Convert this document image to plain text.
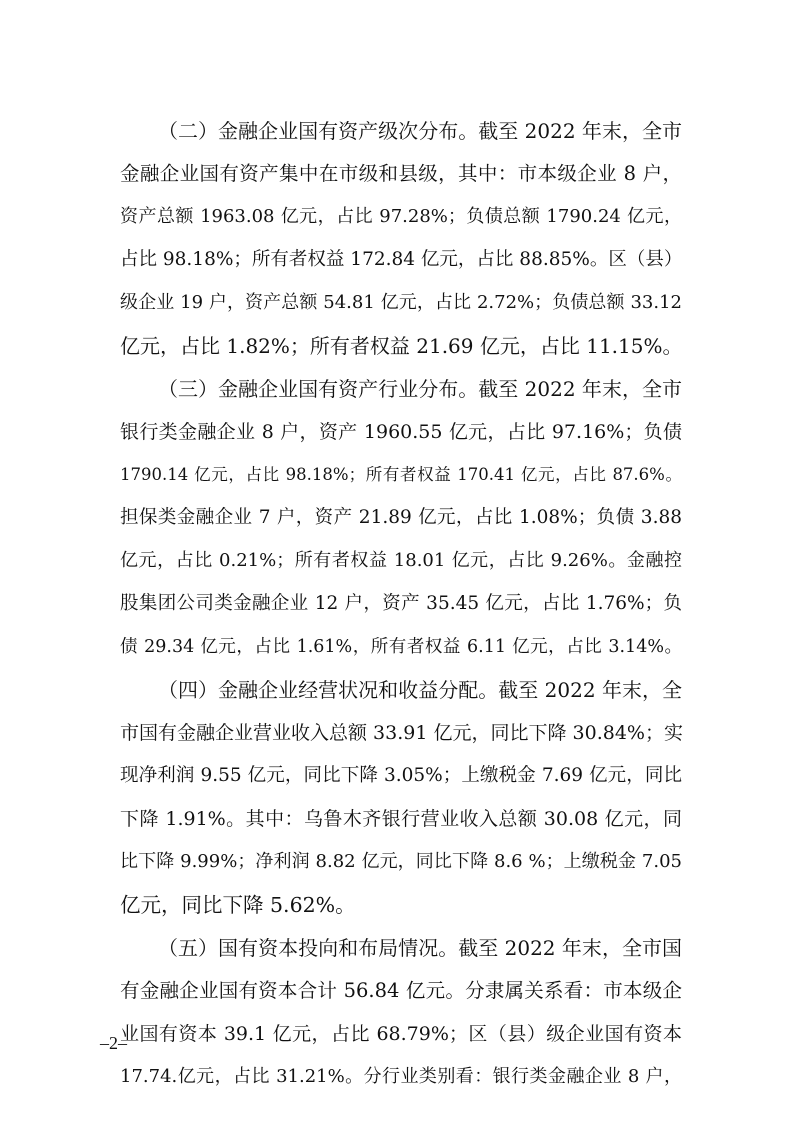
（二）金融企业国有资产级次分布。截至 2022 年末，全市
金融企业国有资产集中在市级和县级，其中：市本级企业 8 户，
资产总额 1963.08 亿元，占比 97.28%；负债总额 1790.24 亿元，
占比 98.18%；所有者权益 172.84 亿元，占比 88.85%。区（县）
级企业 19 户，资产总额 54.81 亿元，占比 2.72%；负债总额 33.12
亿元，占比 1.82%；所有者权益 21.69 亿元，占比 11.15%。
（三）金融企业国有资产行业分布。截至 2022 年末，全市
银行类金融企业 8 户，资产 1960.55 亿元，占比 97.16%；负债
1790.14 亿元，占比 98.18%；所有者权益 170.41 亿元，占比 87.6%。
担保类金融企业 7 户，资产 21.89 亿元，占比 1.08%；负债 3.88
亿元，占比 0.21%；所有者权益 18.01 亿元，占比 9.26%。金融控
股集团公司类金融企业 12 户，资产 35.45 亿元，占比 1.76%；负
债 29.34 亿元，占比 1.61%，所有者权益 6.11 亿元，占比 3.14%。
（四）金融企业经营状况和收益分配。截至 2022 年末，全
市国有金融企业营业收入总额 33.91 亿元，同比下降 30.84%；实
现净利润 9.55 亿元，同比下降 3.05%；上缴税金 7.69 亿元，同比
下降 1.91%。其中：乌鲁木齐银行营业收入总额 30.08 亿元，同
比下降 9.99%；净利润 8.82 亿元，同比下降 8.6 %；上缴税金 7.05
亿元，同比下降 5.62%。
（五）国有资本投向和布局情况。截至 2022 年末，全市国
有金融企业国有资本合计 56.84 亿元。分隶属关系看：市本级企
业国有资本 39.1 亿元，占比 68.79%；区（县）级企业国有资本
17.74.亿元，占比 31.21%。分行业类别看：银行类金融企业 8 户，
–2–
